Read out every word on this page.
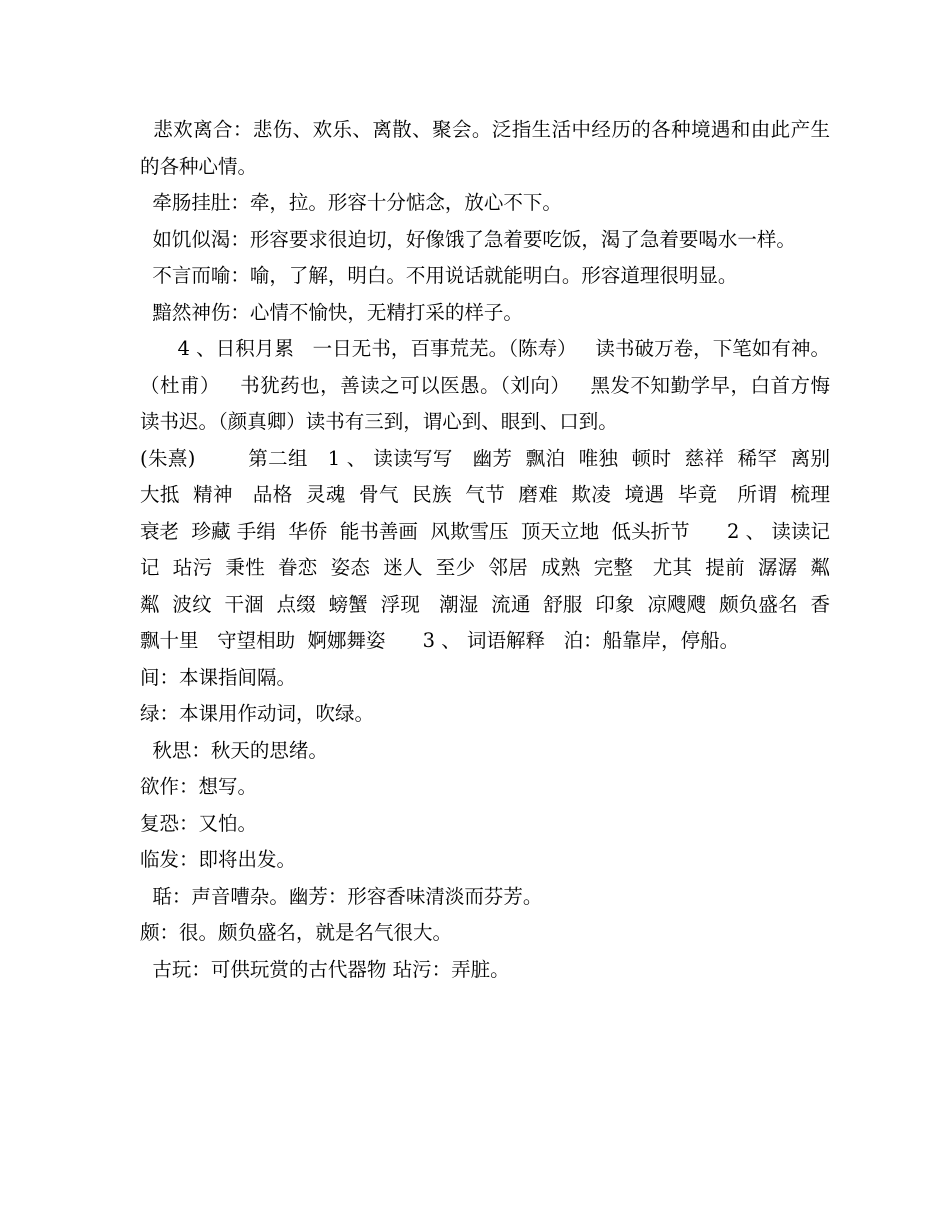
悲欢离合：悲伤、欢乐、离散、聚会。泛指生活中经历的各种境遇和由此产生的各种心情。

牵肠挂肚：牵，拉。形容十分惦念，放心不下。

如饥似渴：形容要求很迫切，好像饿了急着要吃饭，渴了急着要喝水一样。

不言而喻：喻，了解，明白。不用说话就能明白。形容道理很明显。

黯然神伤：心情不愉快，无精打采的样子。

4 、日积月累   一日无书，百事荒芜。（陈寿）   读书破万卷，下笔如有神。（杜甫）   书犹药也，善读之可以医愚。（刘向）   黑发不知勤学早，白首方悔读书迟。（颜真卿）读书有三到，谓心到、眼到、口到。

(朱熹)        第二组   1 、 读读写写   幽芳  飘泊  唯独  顿时  慈祥  稀罕  离别  大抵  精神   品格  灵魂  骨气  民族  气节  磨难  欺凌  境遇  毕竟   所谓  梳理  衰老  珍藏 手绢  华侨  能书善画  风欺雪压  顶天立地  低头折节      2 、 读读记记  玷污  秉性  眷恋  姿态  迷人  至少  邻居  成熟  完整   尤其  提前  潺潺  粼粼  波纹  干涸  点缀  螃蟹  浮现   潮湿  流通  舒服  印象  凉飕飕  颇负盛名  香飘十里   守望相助  婀娜舞姿      3 、 词语解释   泊：船靠岸，停船。

间：本课指间隔。

绿：本课用作动词，吹绿。

秋思：秋天的思绪。

欲作：想写。

复恐：又怕。

临发：即将出发。

聒：声音嘈杂。幽芳：形容香味清淡而芬芳。

颇：很。颇负盛名，就是名气很大。

古玩：可供玩赏的古代器物 玷污：弄脏。
